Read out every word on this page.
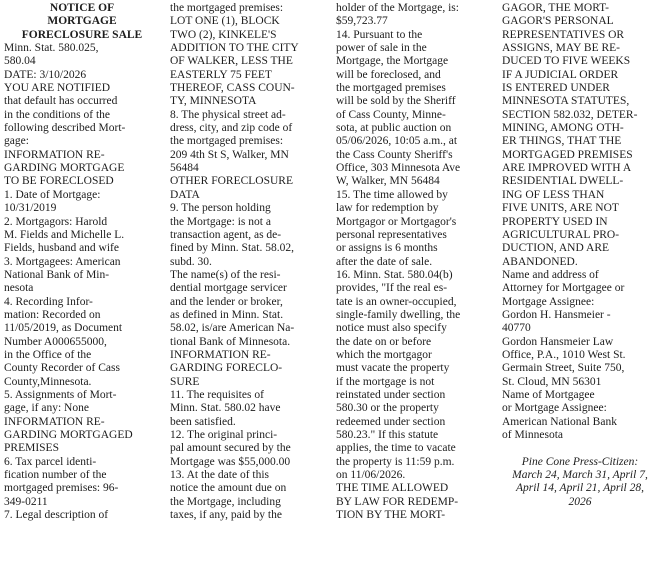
NOTICE OF
MORTGAGE
FORECLOSURE SALE
Minn. Stat. 580.025,
580.04
DATE: 3/10/2026
YOU ARE NOTIFIED
that default has occurred
in the conditions of the
following described Mort-
gage:
INFORMATION RE-
GARDING MORTGAGE
TO BE FORECLOSED
1. Date of Mortgage:
10/31/2019
2. Mortgagors: Harold
M. Fields and Michelle L.
Fields, husband and wife
3. Mortgagees: American
National Bank of Min-
nesota
4. Recording Infor-
mation: Recorded on
11/05/2019, as Document
Number A000655000,
in the Office of the
County Recorder of Cass
County,Minnesota.
5. Assignments of Mort-
gage, if any: None
INFORMATION RE-
GARDING MORTGAGED
PREMISES
6. Tax parcel identi-
fication number of the
mortgaged premises: 96-
349-0211
7. Legal description of
the mortgaged premises:
LOT ONE (1), BLOCK
TWO (2), KINKELE'S
ADDITION TO THE CITY
OF WALKER, LESS THE
EASTERLY 75 FEET
THEREOF, CASS COUN-
TY, MINNESOTA
8. The physical street ad-
dress, city, and zip code of
the mortgaged premises:
209 4th St S, Walker, MN
56484
OTHER FORECLOSURE
DATA
9. The person holding
the Mortgage: is not a
transaction agent, as de-
fined by Minn. Stat. 58.02,
subd. 30.
The name(s) of the resi-
dential mortgage servicer
and the lender or broker,
as defined in Minn. Stat.
58.02, is/are American Na-
tional Bank of Minnesota.
INFORMATION RE-
GARDING FORECLO-
SURE
11. The requisites of
Minn. Stat. 580.02 have
been satisfied.
12. The original princi-
pal amount secured by the
Mortgage was $55,000.00
13. At the date of this
notice the amount due on
the Mortgage, including
taxes, if any, paid by the
holder of the Mortgage, is:
$59,723.77
14. Pursuant to the
power of sale in the
Mortgage, the Mortgage
will be foreclosed, and
the mortgaged premises
will be sold by the Sheriff
of Cass County, Minne-
sota, at public auction on
05/06/2026, 10:05 a.m., at
the Cass County Sheriff's
Office, 303 Minnesota Ave
W, Walker, MN 56484
15. The time allowed by
law for redemption by
Mortgagor or Mortgagor's
personal representatives
or assigns is 6 months
after the date of sale.
16. Minn. Stat. 580.04(b)
provides, "If the real es-
tate is an owner-occupied,
single-family dwelling, the
notice must also specify
the date on or before
which the mortgagor
must vacate the property
if the mortgage is not
reinstated under section
580.30 or the property
redeemed under section
580.23." If this statute
applies, the time to vacate
the property is 11:59 p.m.
on 11/06/2026.
THE TIME ALLOWED
BY LAW FOR REDEMP-
TION BY THE MORT-
GAGOR, THE MORT-
GAGOR'S PERSONAL
REPRESENTATIVES OR
ASSIGNS, MAY BE RE-
DUCED TO FIVE WEEKS
IF A JUDICIAL ORDER
IS ENTERED UNDER
MINNESOTA STATUTES,
SECTION 582.032, DETER-
MINING, AMONG OTH-
ER THINGS, THAT THE
MORTGAGED PREMISES
ARE IMPROVED WITH A
RESIDENTIAL DWELL-
ING OF LESS THAN
FIVE UNITS, ARE NOT
PROPERTY USED IN
AGRICULTURAL PRO-
DUCTION, AND ARE
ABANDONED.
Name and address of
Attorney for Mortgagee or
Mortgage Assignee:
Gordon H. Hansmeier -
40770
Gordon Hansmeier Law
Office, P.A., 1010 West St.
Germain Street, Suite 750,
St. Cloud, MN 56301
Name of Mortgagee
or Mortgage Assignee:
American National Bank
of Minnesota
Pine Cone Press-Citizen:
March 24, March 31, April 7,
April 14, April 21, April 28,
2026
